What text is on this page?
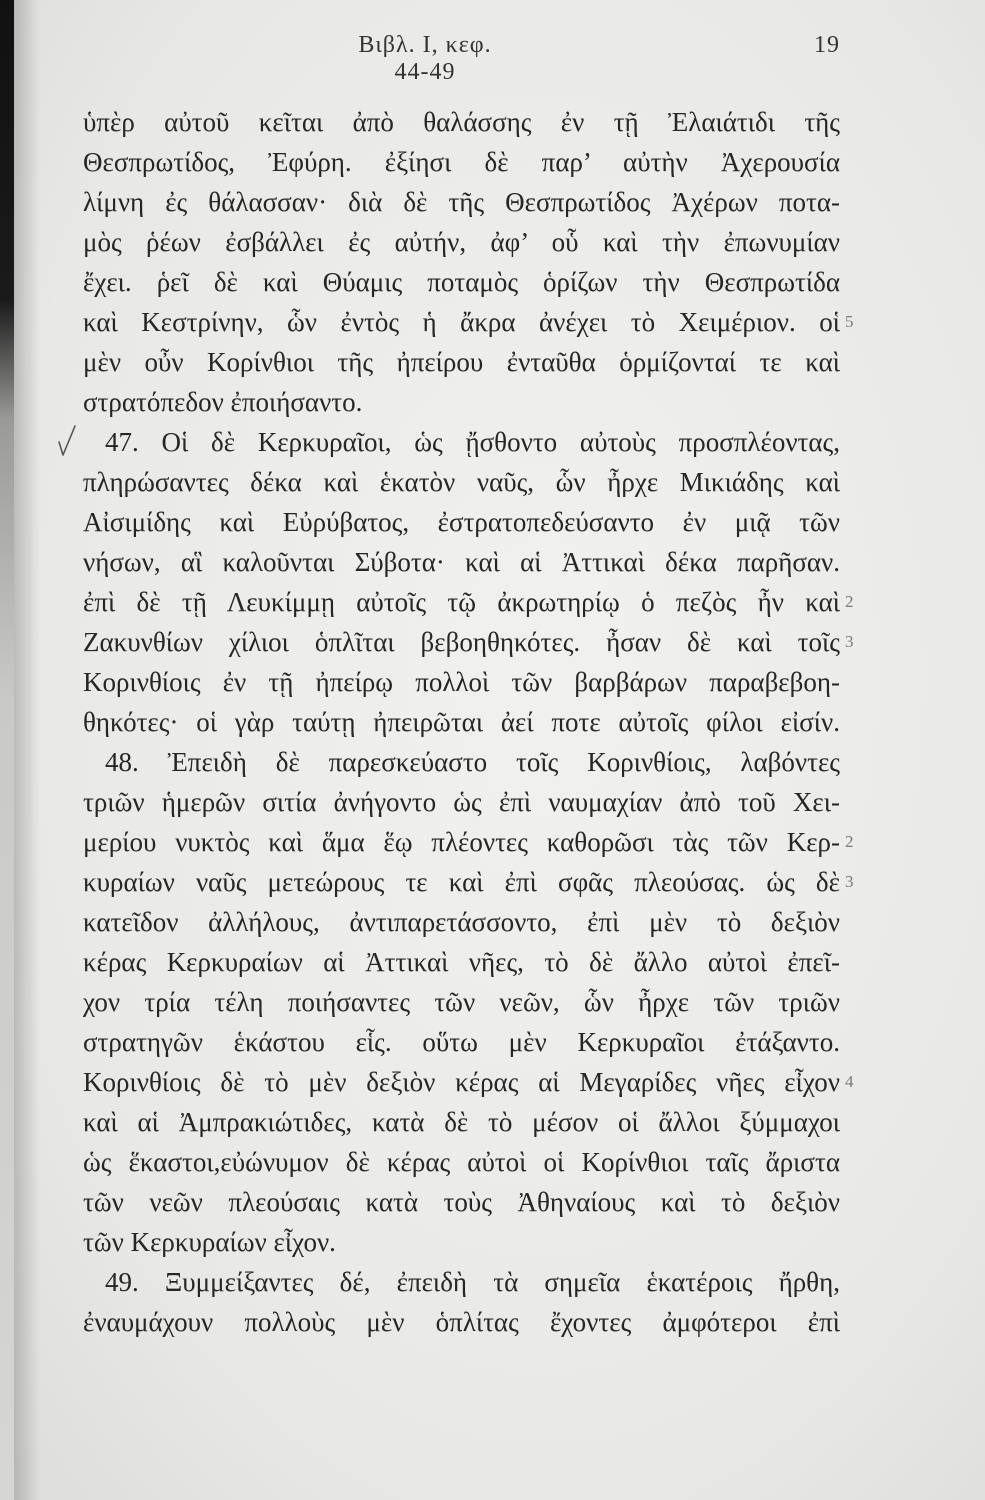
Βιβλ. Ι, κεφ. 44-49
19
ὑπὲρ αὐτοῦ κεῖται ἀπὸ θαλάσσης ἐν τῇ Ἐλαιάτιδι τῆς
Θεσπρωτίδος, Ἐφύρη. ἐξίησι δὲ παρ’ αὐτὴν Ἀχερουσία
λίμνη ἐς θάλασσαν· διὰ δὲ τῆς Θεσπρωτίδος Ἀχέρων ποτα-
μὸς ῥέων ἐσβάλλει ἐς αὐτήν, ἀφ’ οὗ καὶ τὴν ἐπωνυμίαν
ἔχει. ῥεῖ δὲ καὶ Θύαμις ποταμὸς ὁρίζων τὴν Θεσπρωτίδα
καὶ Κεστρίνην, ὧν ἐντὸς ἡ ἄκρα ἀνέχει τὸ Χειμέριον. οἱ 5
μὲν οὖν Κορίνθιοι τῆς ἠπείρου ἐνταῦθα ὁρμίζονταί τε καὶ
στρατόπεδον ἐποιήσαντο.
47. Οἱ δὲ Κερκυραῖοι, ὡς ᾔσθοντο αὐτοὺς προσπλέοντας,
πληρώσαντες δέκα καὶ ἑκατὸν ναῦς, ὧν ἦρχε Μικιάδης καὶ
Αἰσιμίδης καὶ Εὐρύβατος, ἐστρατοπεδεύσαντο ἐν μιᾷ τῶν
νήσων, αἳ καλοῦνται Σύβοτα· καὶ αἱ Ἀττικαὶ δέκα παρῆσαν.
ἐπὶ δὲ τῇ Λευκίμμῃ αὐτοῖς τῷ ἀκρωτηρίῳ ὁ πεζὸς ἦν καὶ 2
Ζακυνθίων χίλιοι ὁπλῖται βεβοηθηκότες. ἦσαν δὲ καὶ τοῖς 3
Κορινθίοις ἐν τῇ ἠπείρῳ πολλοὶ τῶν βαρβάρων παραβεβοη-
θηκότες· οἱ γὰρ ταύτῃ ἠπειρῶται ἀεί ποτε αὐτοῖς φίλοι εἰσίν.
48. Ἐπειδὴ δὲ παρεσκεύαστο τοῖς Κορινθίοις, λαβόντες
τριῶν ἡμερῶν σιτία ἀνήγοντο ὡς ἐπὶ ναυμαχίαν ἀπὸ τοῦ Χει-
μερίου νυκτὸς καὶ ἅμα ἕῳ πλέοντες καθορῶσι τὰς τῶν Κερ- 2
κυραίων ναῦς μετεώρους τε καὶ ἐπὶ σφᾶς πλεούσας. ὡς δὲ 3
κατεῖδον ἀλλήλους, ἀντιπαρετάσσοντο, ἐπὶ μὲν τὸ δεξιὸν
κέρας Κερκυραίων αἱ Ἀττικαὶ νῆες, τὸ δὲ ἄλλο αὐτοὶ ἐπεῖ-
χον τρία τέλη ποιήσαντες τῶν νεῶν, ὧν ἦρχε τῶν τριῶν
στρατηγῶν ἑκάστου εἷς. οὕτω μὲν Κερκυραῖοι ἐτάξαντο.
Κορινθίοις δὲ τὸ μὲν δεξιὸν κέρας αἱ Μεγαρίδες νῆες εἶχον 4
καὶ αἱ Ἀμπρακιώτιδες, κατὰ δὲ τὸ μέσον οἱ ἄλλοι ξύμμαχοι
ὡς ἕκαστοι,εὐώνυμον δὲ κέρας αὐτοὶ οἱ Κορίνθιοι ταῖς ἄριστα
τῶν νεῶν πλεούσαις κατὰ τοὺς Ἀθηναίους καὶ τὸ δεξιὸν
τῶν Κερκυραίων εἶχον.
49. Ξυμμείξαντες δέ, ἐπειδὴ τὰ σημεῖα ἑκατέροις ἤρθη,
ἐναυμάχουν πολλοὺς μὲν ὁπλίτας ἔχοντες ἀμφότεροι ἐπὶ
